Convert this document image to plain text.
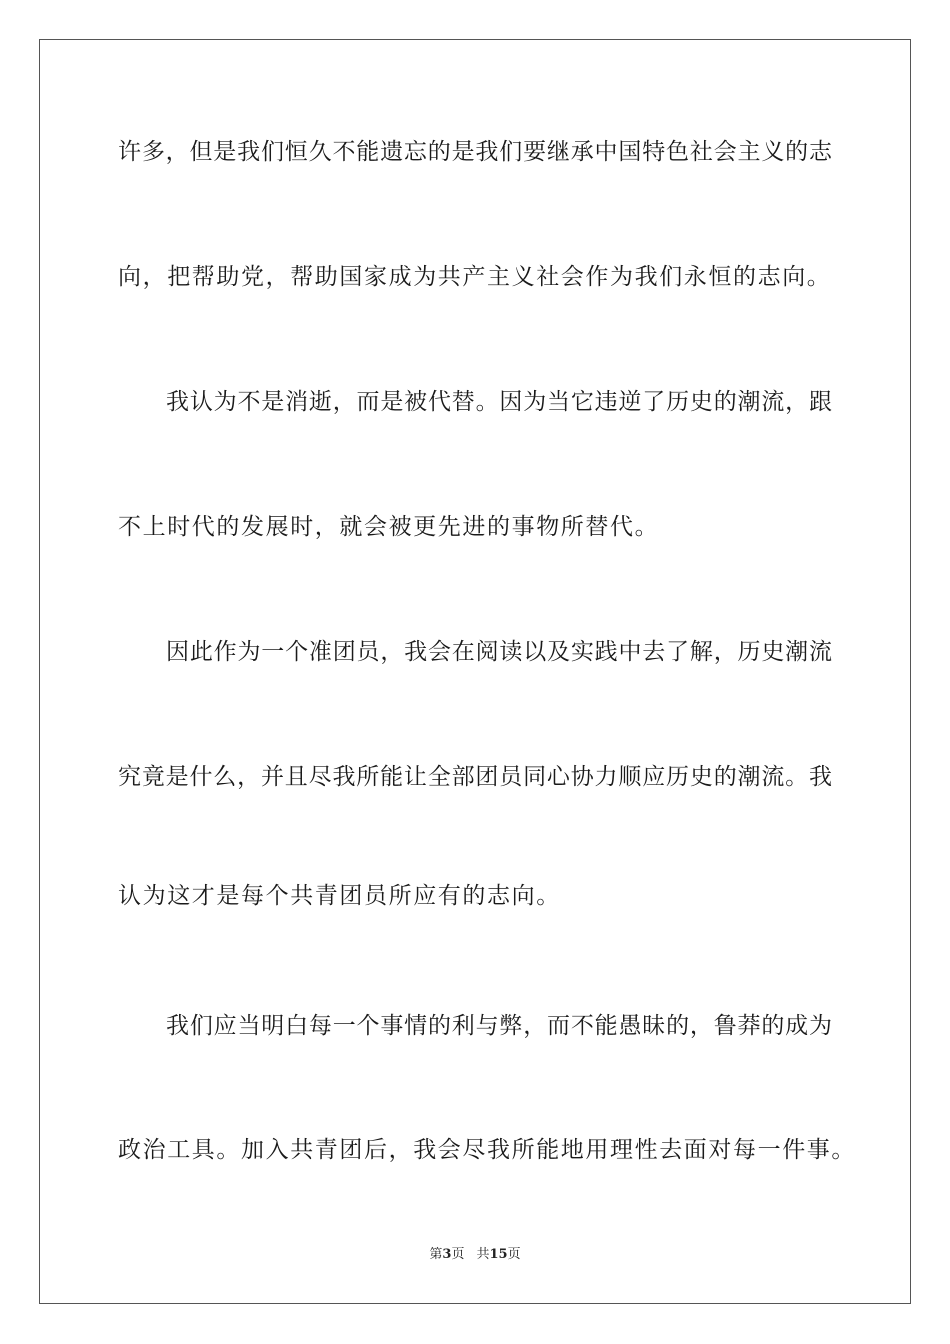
许多，但是我们恒久不能遗忘的是我们要继承中国特色社会主义的志
向，把帮助党，帮助国家成为共产主义社会作为我们永恒的志向。
我认为不是消逝，而是被代替。因为当它违逆了历史的潮流，跟
不上时代的发展时，就会被更先进的事物所替代。
因此作为一个准团员，我会在阅读以及实践中去了解，历史潮流
究竟是什么，并且尽我所能让全部团员同心协力顺应历史的潮流。我
认为这才是每个共青团员所应有的志向。
我们应当明白每一个事情的利与弊，而不能愚昧的，鲁莽的成为
政治工具。加入共青团后，我会尽我所能地用理性去面对每一件事。
第3页 共15页
